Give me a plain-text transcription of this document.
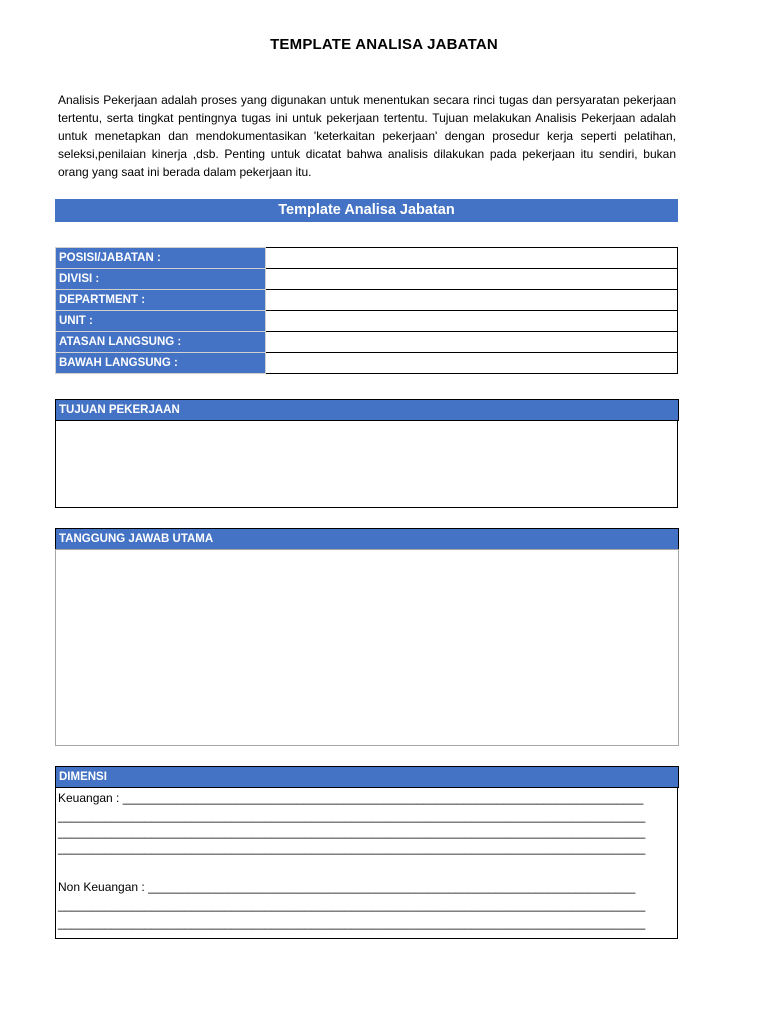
TEMPLATE ANALISA JABATAN

Analisis Pekerjaan adalah proses yang digunakan untuk menentukan secara rinci tugas dan persyaratan pekerjaan tertentu, serta tingkat pentingnya tugas ini untuk pekerjaan tertentu. Tujuan melakukan Analisis Pekerjaan adalah untuk menetapkan dan mendokumentasikan 'keterkaitan pekerjaan' dengan prosedur kerja seperti pelatihan, seleksi,penilaian kinerja ,dsb. Penting untuk dicatat bahwa analisis dilakukan pada pekerjaan itu sendiri, bukan orang yang saat ini berada dalam pekerjaan itu.

Template Analisa Jabatan
POSISI/JABATAN :	
DIVISI :	
DEPARTMENT :	
UNIT :	
ATASAN LANGSUNG :	
BAWAH LANGSUNG :	
TUJUAN PEKERJAAN
TANGGUNG JAWAB UTAMA
DIMENSI
Keuangan : ______________________________________________________________________________
________________________________________________________________________________________
________________________________________________________________________________________
________________________________________________________________________________________
Non Keuangan : _________________________________________________________________________
________________________________________________________________________________________
________________________________________________________________________________________
